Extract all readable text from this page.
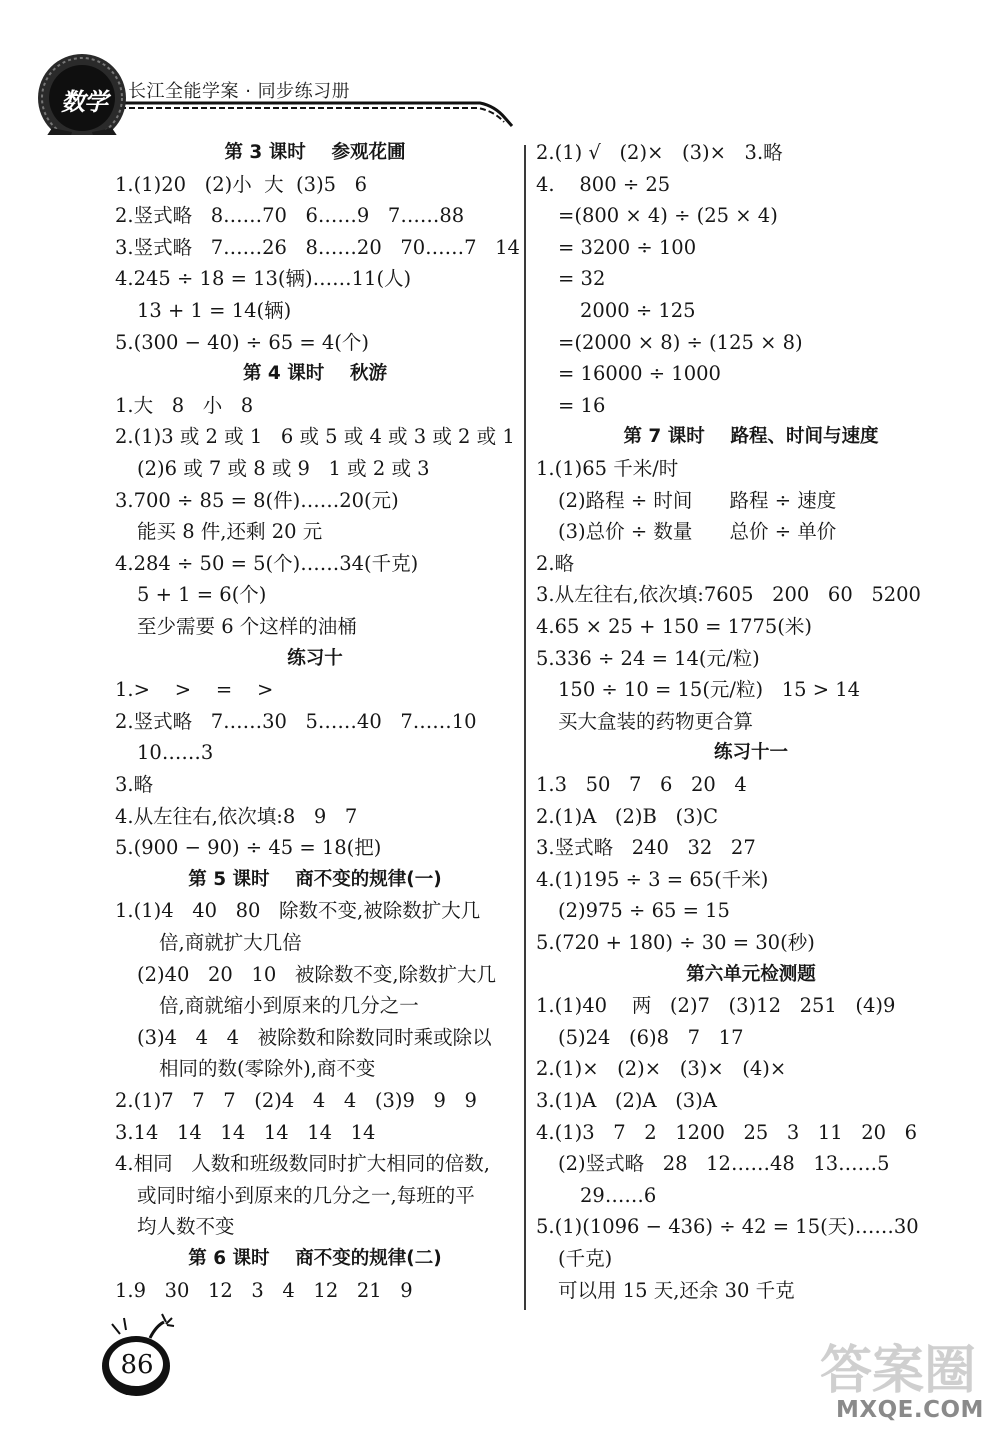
数学	长江全能学案 · 同步练习册
第 3 课时    参观花圃
1.(1)20   (2)小  大  (3)5   6
2.竖式略   8……70   6……9   7……88
3.竖式略   7……26   8……20   70……7   14
4.245 ÷ 18 = 13(辆)……11(人)
13 + 1 = 14(辆)
5.(300 − 40) ÷ 65 = 4(个)
第 4 课时    秋游
1.大   8   小   8
2.(1)3 或 2 或 1   6 或 5 或 4 或 3 或 2 或 1
(2)6 或 7 或 8 或 9   1 或 2 或 3
3.700 ÷ 85 = 8(件)……20(元)
能买 8 件,还剩 20 元
4.284 ÷ 50 = 5(个)……34(千克)
5 + 1 = 6(个)
至少需要 6 个这样的油桶
练习十
1.>    >    =    >
2.竖式略   7……30   5……40   7……10
10……3
3.略
4.从左往右,依次填:8   9   7
5.(900 − 90) ÷ 45 = 18(把)
第 5 课时    商不变的规律(一)
1.(1)4   40   80   除数不变,被除数扩大几
倍,商就扩大几倍
(2)40   20   10   被除数不变,除数扩大几
倍,商就缩小到原来的几分之一
(3)4   4   4   被除数和除数同时乘或除以
相同的数(零除外),商不变
2.(1)7   7   7   (2)4   4   4   (3)9   9   9
3.14   14   14   14   14   14
4.相同   人数和班级数同时扩大相同的倍数,
或同时缩小到原来的几分之一,每班的平
均人数不变
第 6 课时    商不变的规律(二)
1.9   30   12   3   4   12   21   9
2.(1) √   (2)×   (3)×   3.略
4.    800 ÷ 25
=(800 × 4) ÷ (25 × 4)
= 3200 ÷ 100
= 32
2000 ÷ 125
=(2000 × 8) ÷ (125 × 8)
= 16000 ÷ 1000
= 16
第 7 课时    路程、时间与速度
1.(1)65 千米/时
(2)路程 ÷ 时间      路程 ÷ 速度
(3)总价 ÷ 数量      总价 ÷ 单价
2.略
3.从左往右,依次填:7605   200   60   5200
4.65 × 25 + 150 = 1775(米)
5.336 ÷ 24 = 14(元/粒)
150 ÷ 10 = 15(元/粒)   15 > 14
买大盒装的药物更合算
练习十一
1.3   50   7   6   20   4
2.(1)A   (2)B   (3)C
3.竖式略   240   32   27
4.(1)195 ÷ 3 = 65(千米)
(2)975 ÷ 65 = 15
5.(720 + 180) ÷ 30 = 30(秒)
第六单元检测题
1.(1)40    两   (2)7   (3)12   251   (4)9
(5)24   (6)8   7   17
2.(1)×   (2)×   (3)×   (4)×
3.(1)A   (2)A   (3)A
4.(1)3   7   2   1200   25   3   11   20   6
(2)竖式略   28   12……48   13……5
29……6
5.(1)(1096 − 436) ÷ 42 = 15(天)……30
(千克)
可以用 15 天,还余 30 千克
86	答案圈
MXQE.COM
